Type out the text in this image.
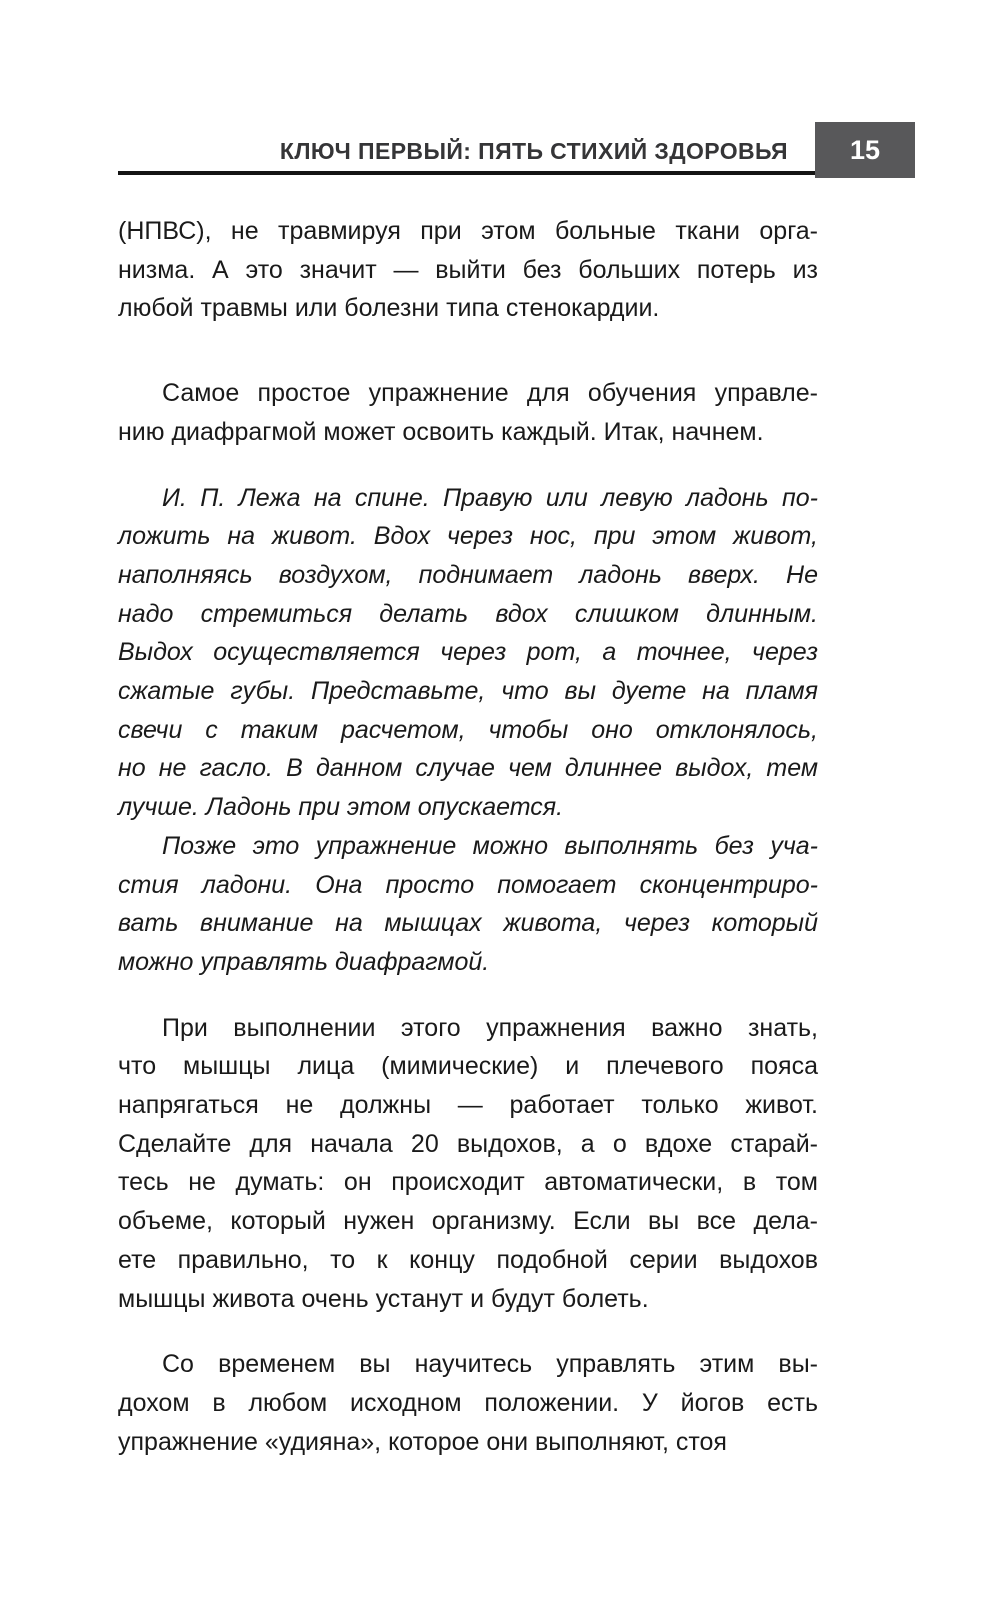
КЛЮЧ ПЕРВЫЙ: ПЯТЬ СТИХИЙ ЗДОРОВЬЯ 15

(НПВС), не травмируя при этом больные ткани орга-
низма. А это значит — выйти без больших потерь из
любой травмы или болезни типа стенокардии.

Самое простое упражнение для обучения управле-
нию диафрагмой может освоить каждый. Итак, начнем.

И. П. Лежа на спине. Правую или левую ладонь по-
ложить на живот. Вдох через нос, при этом живот,
наполняясь воздухом, поднимает ладонь вверх. Не
надо стремиться делать вдох слишком длинным.
Выдох осуществляется через рот, а точнее, через
сжатые губы. Представьте, что вы дуете на пламя
свечи с таким расчетом, чтобы оно отклонялось,
но не гасло. В данном случае чем длиннее выдох, тем
лучше. Ладонь при этом опускается.

Позже это упражнение можно выполнять без уча-
стия ладони. Она просто помогает сконцентриро-
вать внимание на мышцах живота, через который
можно управлять диафрагмой.

При выполнении этого упражнения важно знать,
что мышцы лица (мимические) и плечевого пояса
напрягаться не должны — работает только живот.
Сделайте для начала 20 выдохов, а о вдохе старай-
тесь не думать: он происходит автоматически, в том
объеме, который нужен организму. Если вы все дела-
ете правильно, то к концу подобной серии выдохов
мышцы живота очень устанут и будут болеть.

Со временем вы научитесь управлять этим вы-
дохом в любом исходном положении. У йогов есть
упражнение «удияна», которое они выполняют, стоя
